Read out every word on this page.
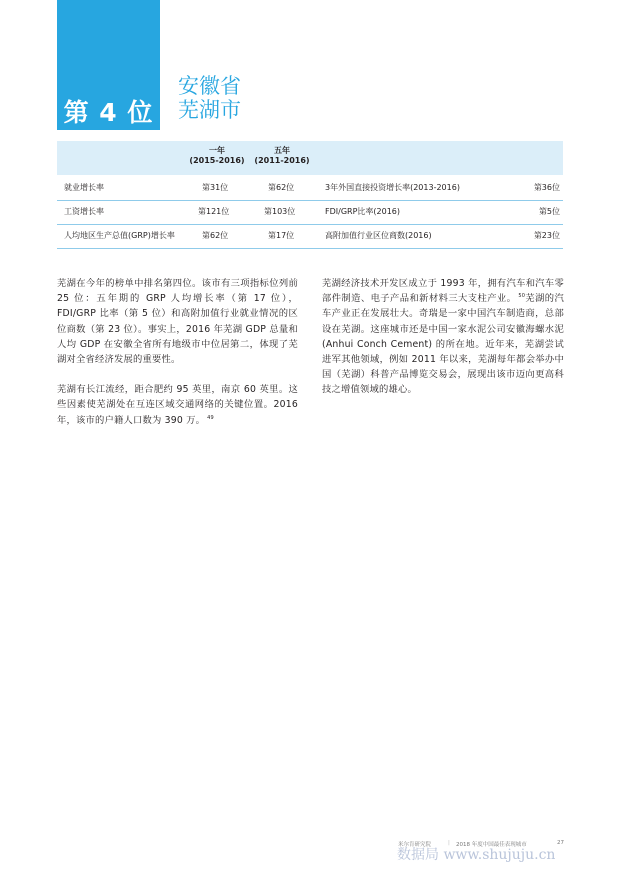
第 4 位
安徽省
芜湖市
一年
(2015-2016)
五年
(2011-2016)
就业增长率	第31位	第62位	3年外国直接投资增长率(2013-2016)	第36位
工资增长率	第121位	第103位	FDI/GRP比率(2016)	第5位
人均地区生产总值(GRP)增长率	第62位	第17位	高附加值行业区位商数(2016)	第23位

芜湖在今年的榜单中排名第四位。该市有三项指标位列前 25 位：五年期的 GRP 人均增长率（第 17 位），FDI/GRP 比率（第 5 位）和高附加值行业就业情况的区位商数（第 23 位）。事实上，2016 年芜湖 GDP 总量和人均 GDP 在安徽全省所有地级市中位居第二，体现了芜湖对全省经济发展的重要性。

芜湖有长江流经，距合肥约 95 英里，南京 60 英里。这些因素使芜湖处在互连区域交通网络的关键位置。2016 年，该市的户籍人口数为 390 万。 $^{49}$

芜湖经济技术开发区成立于 1993 年，拥有汽车和汽车零部件制造、电子产品和新材料三大支柱产业。 $^{50}$芜湖的汽车产业正在发展壮大。奇瑞是一家中国汽车制造商，总部设在芜湖。这座城市还是中国一家水泥公司安徽海螺水泥 (Anhui Conch Cement) 的所在地。近年来，芜湖尝试进军其他领域，例如 2011 年以来，芜湖每年都会举办中国（芜湖）科普产品博览交易会，展现出该市迈向更高科技之增值领域的雄心。

米尔肯研究院	| 2018 年度中国最佳表现城市	27
数据局 www.shujuju.cn
